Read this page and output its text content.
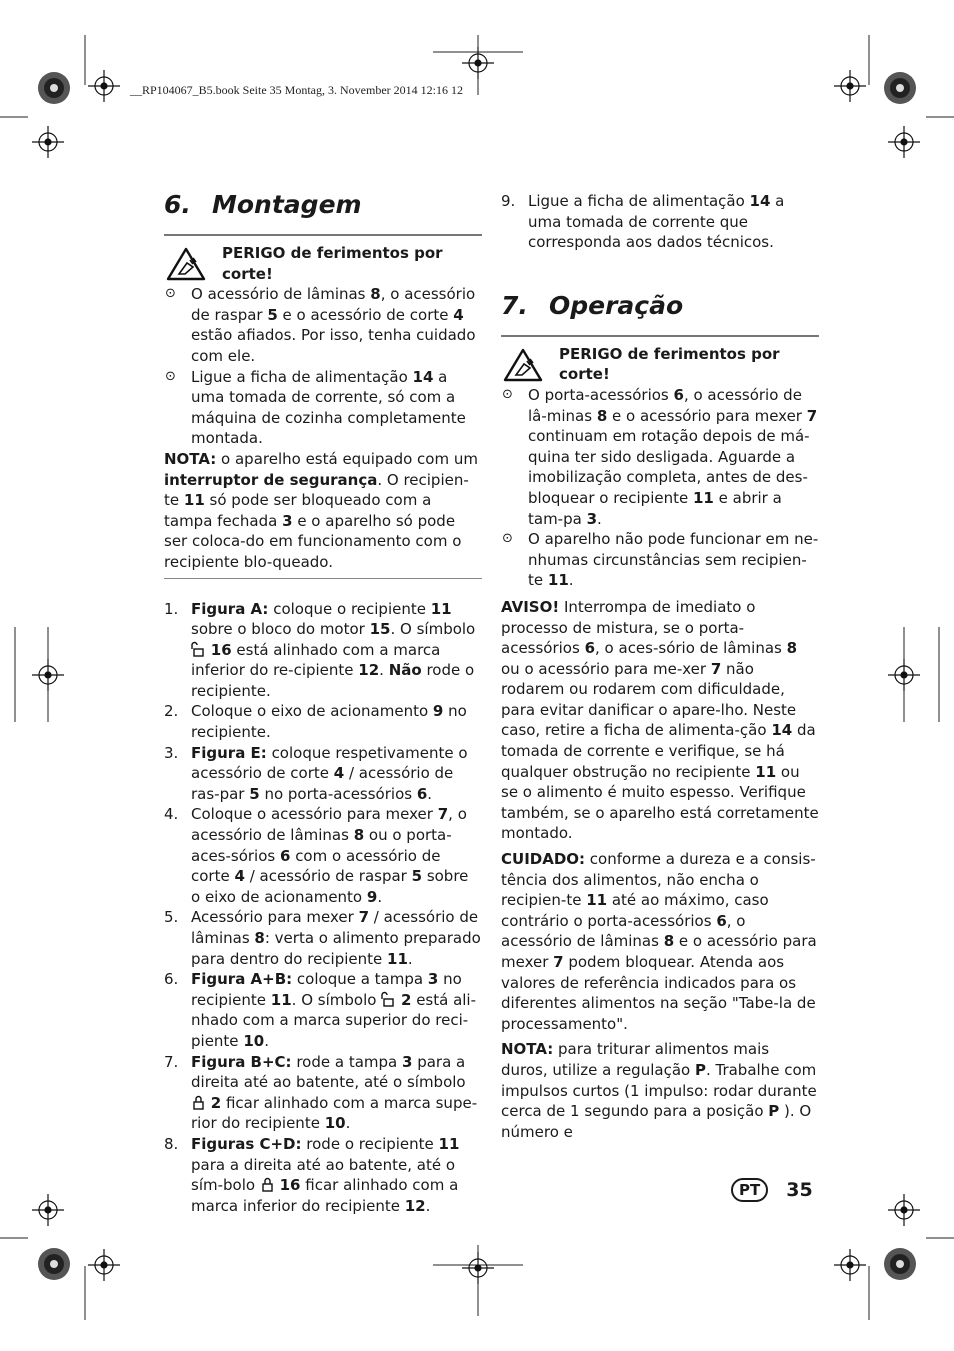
__RP104067_B5.book Seite 35 Montag, 3. November 2014 12:16 12
6. Montagem
PERIGO de ferimentos por corte!
⊙ O acessório de lâminas 8, o acessório de raspar 5 e o acessório de corte 4 estão afiados. Por isso, tenha cuidado com ele.
⊙ Ligue a ficha de alimentação 14 a uma tomada de corrente, só com a máquina de cozinha completamente montada.
NOTA: o aparelho está equipado com um interruptor de segurança. O recipien-te 11 só pode ser bloqueado com a tampa fechada 3 e o aparelho só pode ser coloca-do em funcionamento com o recipiente blo-queado.
1. Figura A: coloque o recipiente 11 sobre o bloco do motor 15. O símbolo  16 está alinhado com a marca inferior do re-cipiente 12. Não rode o recipiente.
2. Coloque o eixo de acionamento 9 no recipiente.
3. Figura E: coloque respetivamente o acessório de corte 4 / acessório de ras-par 5 no porta-acessórios 6.
4. Coloque o acessório para mexer 7, o acessório de lâminas 8 ou o porta-aces-sórios 6 com o acessório de corte 4 / acessório de raspar 5 sobre o eixo de acionamento 9.
5. Acessório para mexer 7 / acessório de lâminas 8: verta o alimento preparado para dentro do recipiente 11.
6. Figura A+B: coloque a tampa 3 no recipiente 11. O símbolo  2 está ali-nhado com a marca superior do reci-piente 10.
7. Figura B+C: rode a tampa 3 para a direita até ao batente, até o símbolo  2 ficar alinhado com a marca supe-rior do recipiente 10.
8. Figuras C+D: rode o recipiente 11 para a direita até ao batente, até o sím-bolo  16 ficar alinhado com a marca inferior do recipiente 12.
9. Ligue a ficha de alimentação 14 a uma tomada de corrente que corresponda aos dados técnicos.
7. Operação
PERIGO de ferimentos por corte!
⊙ O porta-acessórios 6, o acessório de lâ-minas 8 e o acessório para mexer 7 continuam em rotação depois de má-quina ter sido desligada. Aguarde a imobilização completa, antes de des-bloquear o recipiente 11 e abrir a tam-pa 3.
⊙ O aparelho não pode funcionar em ne-nhumas circunstâncias sem recipien-te 11.
AVISO! Interrompa de imediato o processo de mistura, se o porta-acessórios 6, o aces-sório de lâminas 8 ou o acessório para me-xer 7 não rodarem ou rodarem com dificuldade, para evitar danificar o apare-lho. Neste caso, retire a ficha de alimenta-ção 14 da tomada de corrente e verifique, se há qualquer obstrução no recipiente 11 ou se o alimento é muito espesso. Verifique também, se o aparelho está corretamente montado.
CUIDADO: conforme a dureza e a consis-tência dos alimentos, não encha o recipien-te 11 até ao máximo, caso contrário o porta-acessórios 6, o acessório de lâminas 8 e o acessório para mexer 7 podem bloquear. Atenda aos valores de referência indicados para os diferentes alimentos na seção "Tabe-la de processamento".
NOTA: para triturar alimentos mais duros, utilize a regulação P. Trabalhe com impulsos curtos (1 impulso: rodar durante cerca de 1 segundo para a posição P ). O número e
PT 35
